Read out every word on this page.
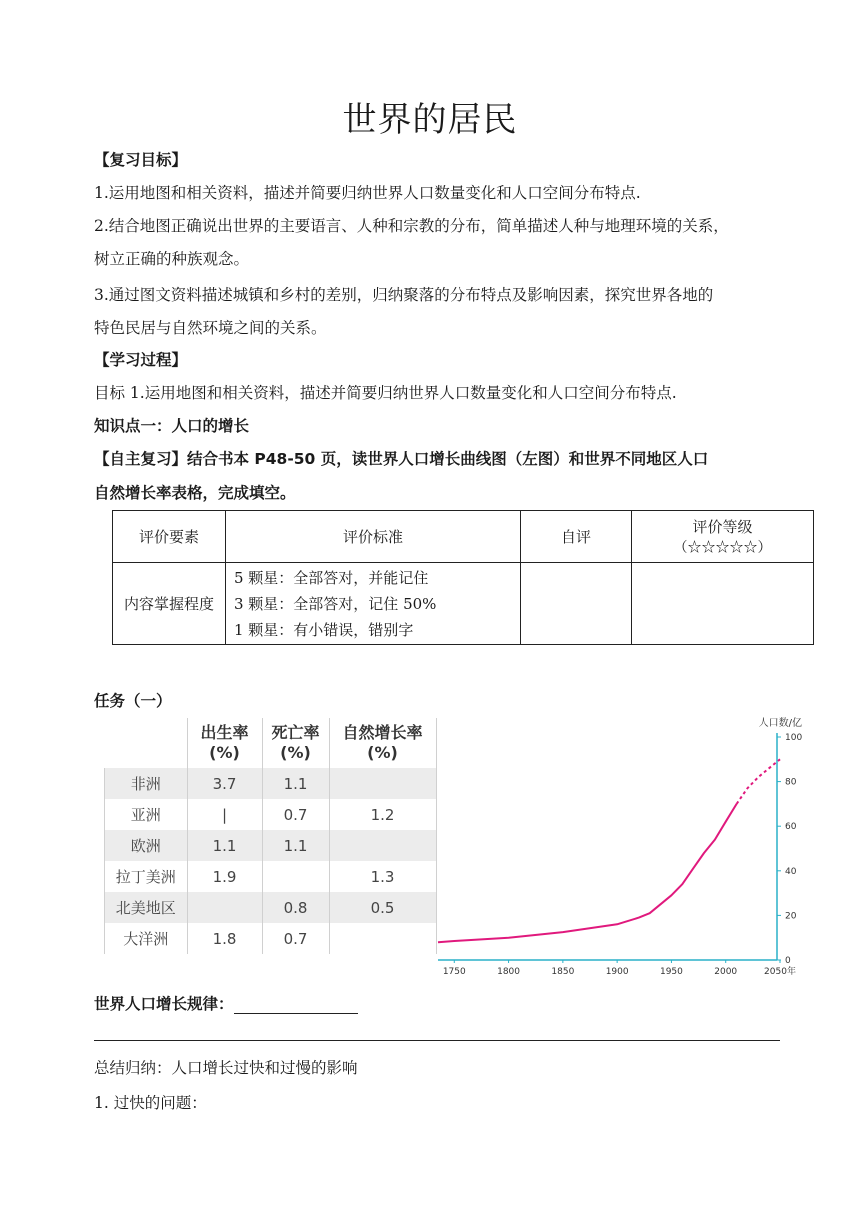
世界的居民
【复习目标】
1.运用地图和相关资料，描述并简要归纳世界人口数量变化和人口空间分布特点.
2.结合地图正确说出世界的主要语言、人种和宗教的分布，简单描述人种与地理环境的关系，
树立正确的种族观念。
3.通过图文资料描述城镇和乡村的差别，归纳聚落的分布特点及影响因素，探究世界各地的
特色民居与自然环境之间的关系。
【学习过程】
目标 1.运用地图和相关资料，描述并简要归纳世界人口数量变化和人口空间分布特点.
知识点一：人口的增长
【自主复习】结合书本 P48-50 页，读世界人口增长曲线图（左图）和世界不同地区人口
自然增长率表格，完成填空。
评价要素	评价标准	自评	评价等级
（☆☆☆☆☆）

内容掌握程度	5 颗星：全部答对，并能记住
3 颗星：全部答对，记住 50%
1 颗星：有小错误，错别字		

任务（一）
	出生率
(%)	死亡率
(%)	自然增长率
(%)
非洲	3.7	1.1	
亚洲	|	0.7	1.2
欧洲	1.1	1.1	
拉丁美洲	1.9		1.3
北美地区		0.8	0.5
大洋洲	1.8	0.7	
1750	1800	1850	1900	1950	2000	2050年
0
20
40
60
80
100
人口数/亿
世界人口增长规律：
总结归纳：人口增长过快和过慢的影响
1. 过快的问题：
